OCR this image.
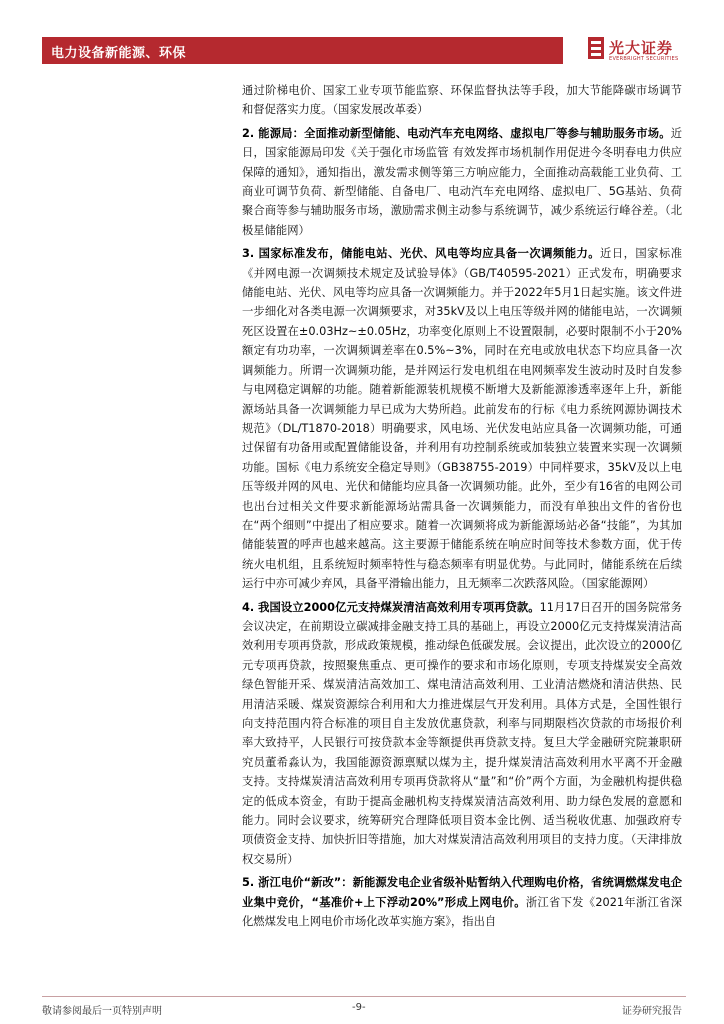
电力设备新能源、环保	光大证券
EVERBRIGHT SECURITIES

通过阶梯电价、国家工业专项节能监察、环保监督执法等手段，加大节能降碳市场调节和督促落实力度。（国家发展改革委）

2. 能源局：全面推动新型储能、电动汽车充电网络、虚拟电厂等参与辅助服务市场。近日，国家能源局印发《关于强化市场监管 有效发挥市场机制作用促进今冬明春电力供应保障的通知》，通知指出，激发需求侧等第三方响应能力，全面推动高载能工业负荷、工商业可调节负荷、新型储能、自备电厂、电动汽车充电网络、虚拟电厂、5G基站、负荷聚合商等参与辅助服务市场，激励需求侧主动参与系统调节，减少系统运行峰谷差。（北极星储能网）

3. 国家标准发布，储能电站、光伏、风电等均应具备一次调频能力。近日，国家标准《并网电源一次调频技术规定及试验导体》（GB/T40595-2021）正式发布，明确要求储能电站、光伏、风电等均应具备一次调频能力。并于2022年5月1日起实施。该文件进一步细化对各类电源一次调频要求，对35kV及以上电压等级并网的储能电站，一次调频死区设置在±0.03Hz~±0.05Hz，功率变化原则上不设置限制，必要时限制不小于20%额定有功功率，一次调频调差率在0.5%~3%，同时在充电或放电状态下均应具备一次调频能力。所谓一次调频功能，是并网运行发电机组在电网频率发生波动时及时自发参与电网稳定调解的功能。随着新能源装机规模不断增大及新能源渗透率逐年上升，新能源场站具备一次调频能力早已成为大势所趋。此前发布的行标《电力系统网源协调技术规范》（DL/T1870-2018）明确要求，风电场、光伏发电站应具备一次调频功能，可通过保留有功备用或配置储能设备，并利用有功控制系统或加装独立装置来实现一次调频功能。国标《电力系统安全稳定导则》（GB38755-2019）中同样要求，35kV及以上电压等级并网的风电、光伏和储能均应具备一次调频功能。此外，至少有16省的电网公司也出台过相关文件要求新能源场站需具备一次调频能力，而没有单独出文件的省份也在“两个细则”中提出了相应要求。随着一次调频将成为新能源场站必备“技能”，为其加储能装置的呼声也越来越高。这主要源于储能系统在响应时间等技术参数方面，优于传统火电机组，且系统短时频率特性与稳态频率有明显优势。与此同时，储能系统在后续运行中亦可减少弃风，具备平滑输出能力，且无频率二次跌落风险。（国家能源网）

4. 我国设立2000亿元支持煤炭清洁高效利用专项再贷款。11月17日召开的国务院常务会议决定，在前期设立碳减排金融支持工具的基础上，再设立2000亿元支持煤炭清洁高效利用专项再贷款，形成政策规模，推动绿色低碳发展。会议提出，此次设立的2000亿元专项再贷款，按照聚焦重点、更可操作的要求和市场化原则，专项支持煤炭安全高效绿色智能开采、煤炭清洁高效加工、煤电清洁高效利用、工业清洁燃烧和清洁供热、民用清洁采暖、煤炭资源综合利用和大力推进煤层气开发利用。具体方式是，全国性银行向支持范围内符合标准的项目自主发放优惠贷款，利率与同期限档次贷款的市场报价利率大致持平，人民银行可按贷款本金等额提供再贷款支持。复旦大学金融研究院兼职研究员董希淼认为，我国能源资源禀赋以煤为主，提升煤炭清洁高效利用水平离不开金融支持。支持煤炭清洁高效利用专项再贷款将从“量”和“价”两个方面，为金融机构提供稳定的低成本资金，有助于提高金融机构支持煤炭清洁高效利用、助力绿色发展的意愿和能力。同时会议要求，统筹研究合理降低项目资本金比例、适当税收优惠、加强政府专项债资金支持、加快折旧等措施，加大对煤炭清洁高效利用项目的支持力度。（天津排放权交易所）

5. 浙江电价“新改”：新能源发电企业省级补贴暂纳入代理购电价格，省统调燃煤发电企业集中竞价，“基准价+上下浮动20%”形成上网电价。浙江省下发《2021年浙江省深化燃煤发电上网电价市场化改革实施方案》，指出自

敬请参阅最后一页特别声明	-9-	证券研究报告
